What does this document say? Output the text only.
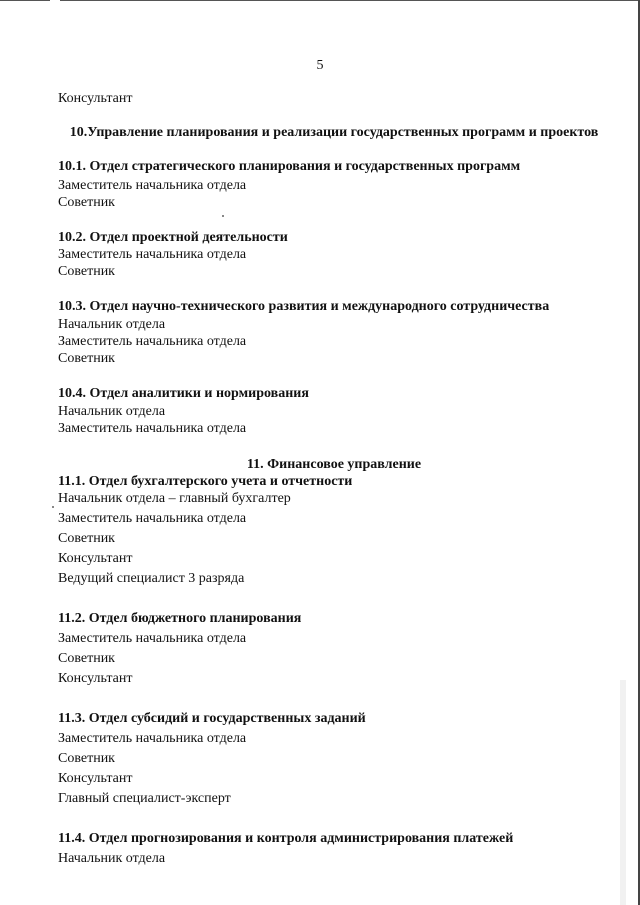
5
Консультант
10.Управление планирования и реализации государственных программ и проектов
10.1. Отдел стратегического планирования и государственных программ
Заместитель начальника отдела
Советник
10.2. Отдел проектной деятельности
Заместитель начальника отдела
Советник
10.3. Отдел научно-технического развития и международного сотрудничества
Начальник отдела
Заместитель начальника отдела
Советник
10.4. Отдел аналитики и нормирования
Начальник отдела
Заместитель начальника отдела
11. Финансовое управление
11.1. Отдел бухгалтерского учета и отчетности
Начальник отдела – главный бухгалтер
Заместитель начальника отдела
Советник
Консультант
Ведущий специалист 3 разряда
11.2. Отдел бюджетного планирования
Заместитель начальника отдела
Советник
Консультант
11.3. Отдел субсидий и государственных заданий
Заместитель начальника отдела
Советник
Консультант
Главный специалист-эксперт
11.4. Отдел прогнозирования и контроля администрирования платежей
Начальник отдела
